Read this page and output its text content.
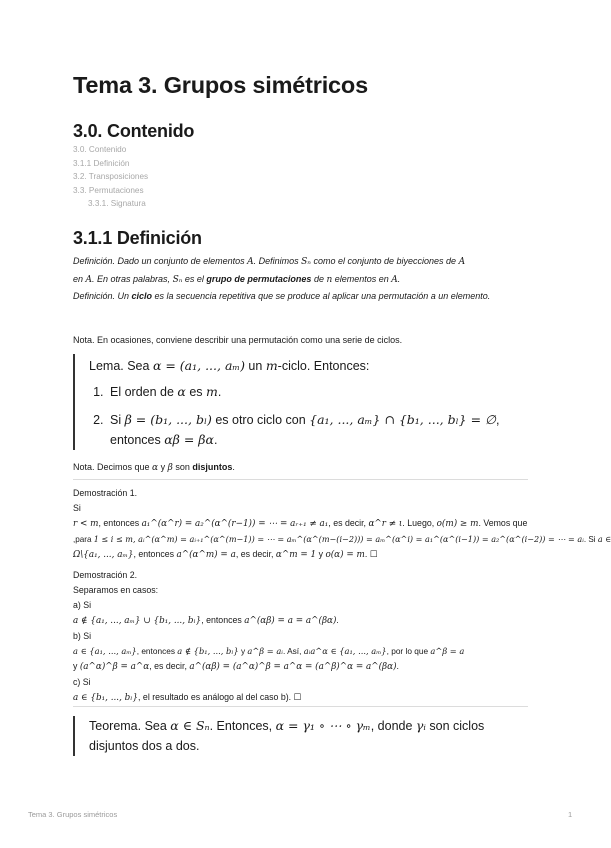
Tema 3. Grupos simétricos
3.0. Contenido
3.0. Contenido
3.1.1 Definición
3.2. Transposiciones
3.3. Permutaciones
3.3.1. Signatura
3.1.1 Definición
Definición. Dado un conjunto de elementos A. Definimos Sₙ como el conjunto de biyecciones de A
en A. En otras palabras, Sₙ es el grupo de permutaciones de n elementos en A.
Definición. Un ciclo es la secuencia repetitiva que se produce al aplicar una permutación a un elemento.
Nota. En ocasiones, conviene describir una permutación como una serie de ciclos.
Lema. Sea α = (a₁, ..., aₘ) un m-ciclo. Entonces:
1. El orden de α es m.
2. Si β = (b₁, ..., bₗ) es otro ciclo con {a₁, ..., aₘ} ∩ {b₁, ..., bₗ} = ∅,
entonces αβ = βα.
Nota. Decimos que α y β son disjuntos.
Demostración 1.
Si
r < m, entonces a₁^(α^r) = a₂^(α^(r−1)) = ⋯ = aᵣ₊₁ ≠ a₁, es decir, α^r ≠ ι. Luego, o(m) ≥ m. Vemos que
,para 1 ≤ i ≤ m, aᵢ^(α^m) = aᵢ₊₁^(α^(m−1)) = ⋯ = aₘ^(α^(m−(i−2))) = aₘ^(α^i) = a₁^(α^(i−1)) = a₂^(α^(i−2)) = ⋯ = aᵢ. Si a ∈
Ω\{a₁, ..., aₘ}, entonces a^(α^m) = a, es decir, α^m = 1 y o(α) = m. ☐
Demostración 2.
Separamos en casos:
a) Si
a ∉ {a₁, ..., aₘ} ∪ {b₁, ..., bₗ}, entonces a^(αβ) = a = a^(βα).
b) Si
a ∈ {a₁, ..., aₘ}, entonces a ∉ {b₁, ..., bₗ} y a^β = aᵢ. Así, aᵢa^α ∈ {a₁, ..., aₘ}, por lo que a^β = a
y (a^α)^β = a^α, es decir, a^(αβ) = (a^α)^β = a^α = (a^β)^α = a^(βα).
c) Si
a ∈ {b₁, ..., bₗ}, el resultado es análogo al del caso b). ☐
Teorema. Sea α ∈ Sₙ. Entonces, α = γ₁ ∘ ⋯ ∘ γₘ, donde γᵢ son ciclos
disjuntos dos a dos.
Tema 3. Grupos simétricos	1
